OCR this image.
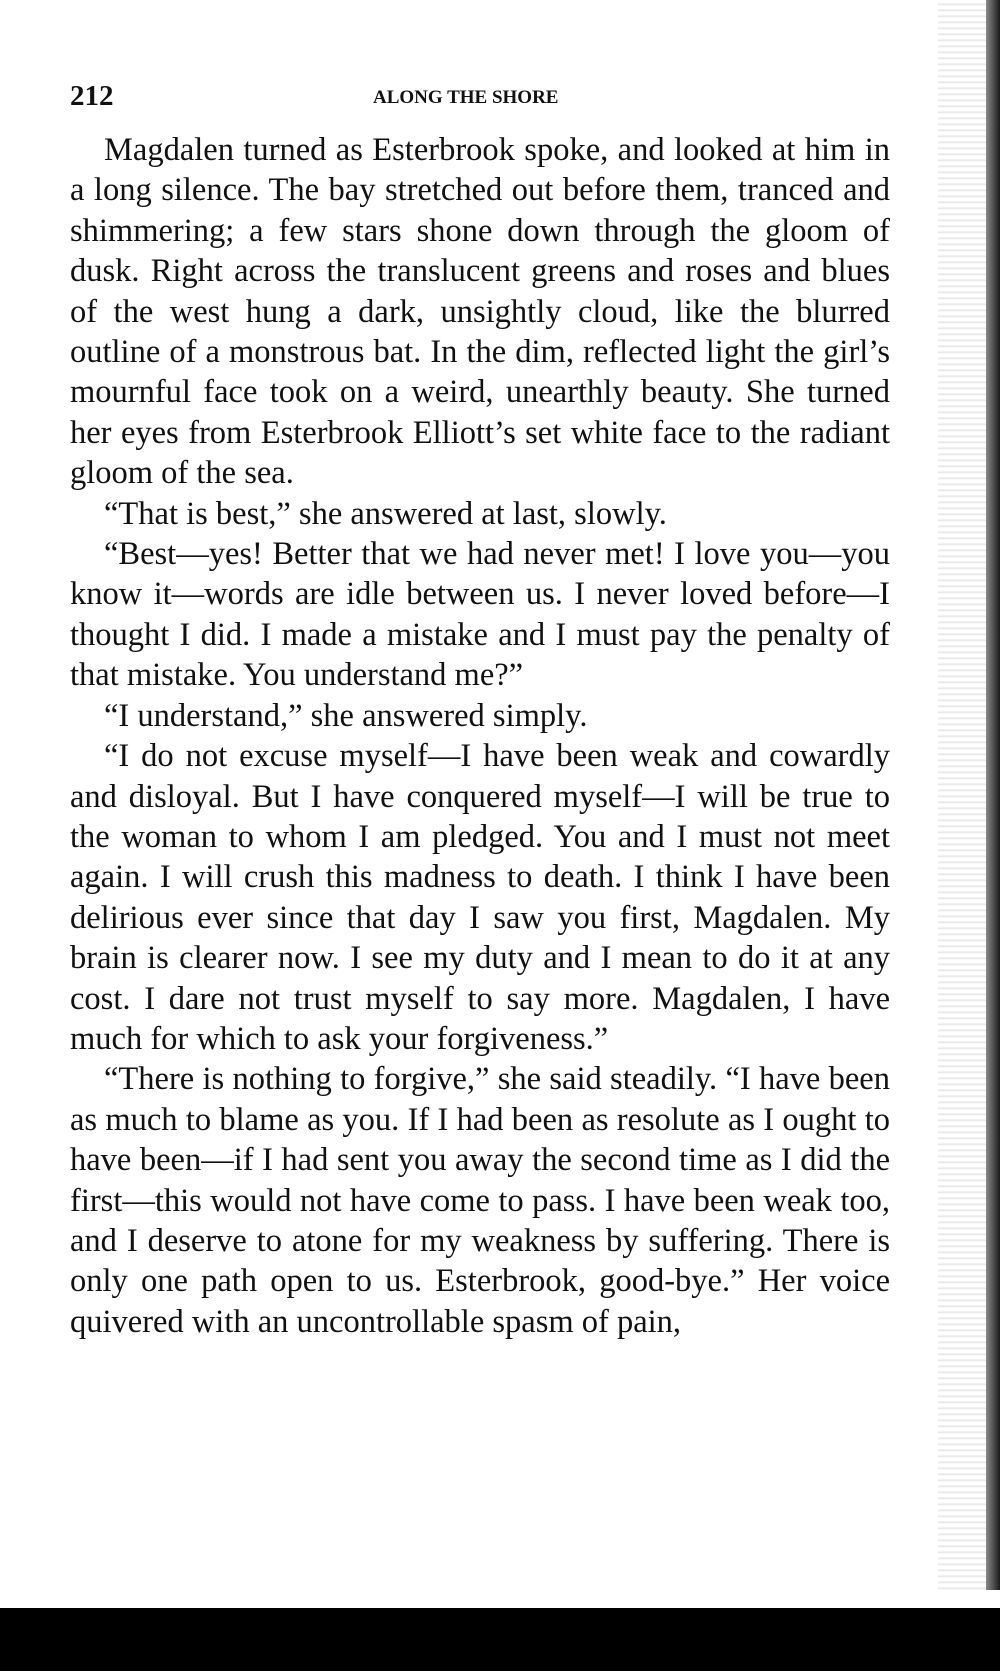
212	ALONG THE SHORE

Magdalen turned as Esterbrook spoke, and looked at him in a long silence. The bay stretched out before them, tranced and shimmering; a few stars shone down through the gloom of dusk. Right across the translucent greens and roses and blues of the west hung a dark, unsightly cloud, like the blurred outline of a monstrous bat. In the dim, reflected light the girl’s mournful face took on a weird, unearthly beauty. She turned her eyes from Esterbrook Elliott’s set white face to the radiant gloom of the sea.

“That is best,” she answered at last, slowly.

“Best—yes! Better that we had never met! I love you—you know it—words are idle between us. I never loved before—I thought I did. I made a mistake and I must pay the penalty of that mistake. You understand me?”

“I understand,” she answered simply.

“I do not excuse myself—I have been weak and cowardly and disloyal. But I have conquered myself—I will be true to the woman to whom I am pledged. You and I must not meet again. I will crush this madness to death. I think I have been delirious ever since that day I saw you first, Magdalen. My brain is clearer now. I see my duty and I mean to do it at any cost. I dare not trust myself to say more. Magdalen, I have much for which to ask your forgiveness.”

“There is nothing to forgive,” she said steadily. “I have been as much to blame as you. If I had been as resolute as I ought to have been—if I had sent you away the second time as I did the first—this would not have come to pass. I have been weak too, and I deserve to atone for my weakness by suffering. There is only one path open to us. Esterbrook, good-bye.” Her voice quivered with an uncontrollable spasm of pain,
